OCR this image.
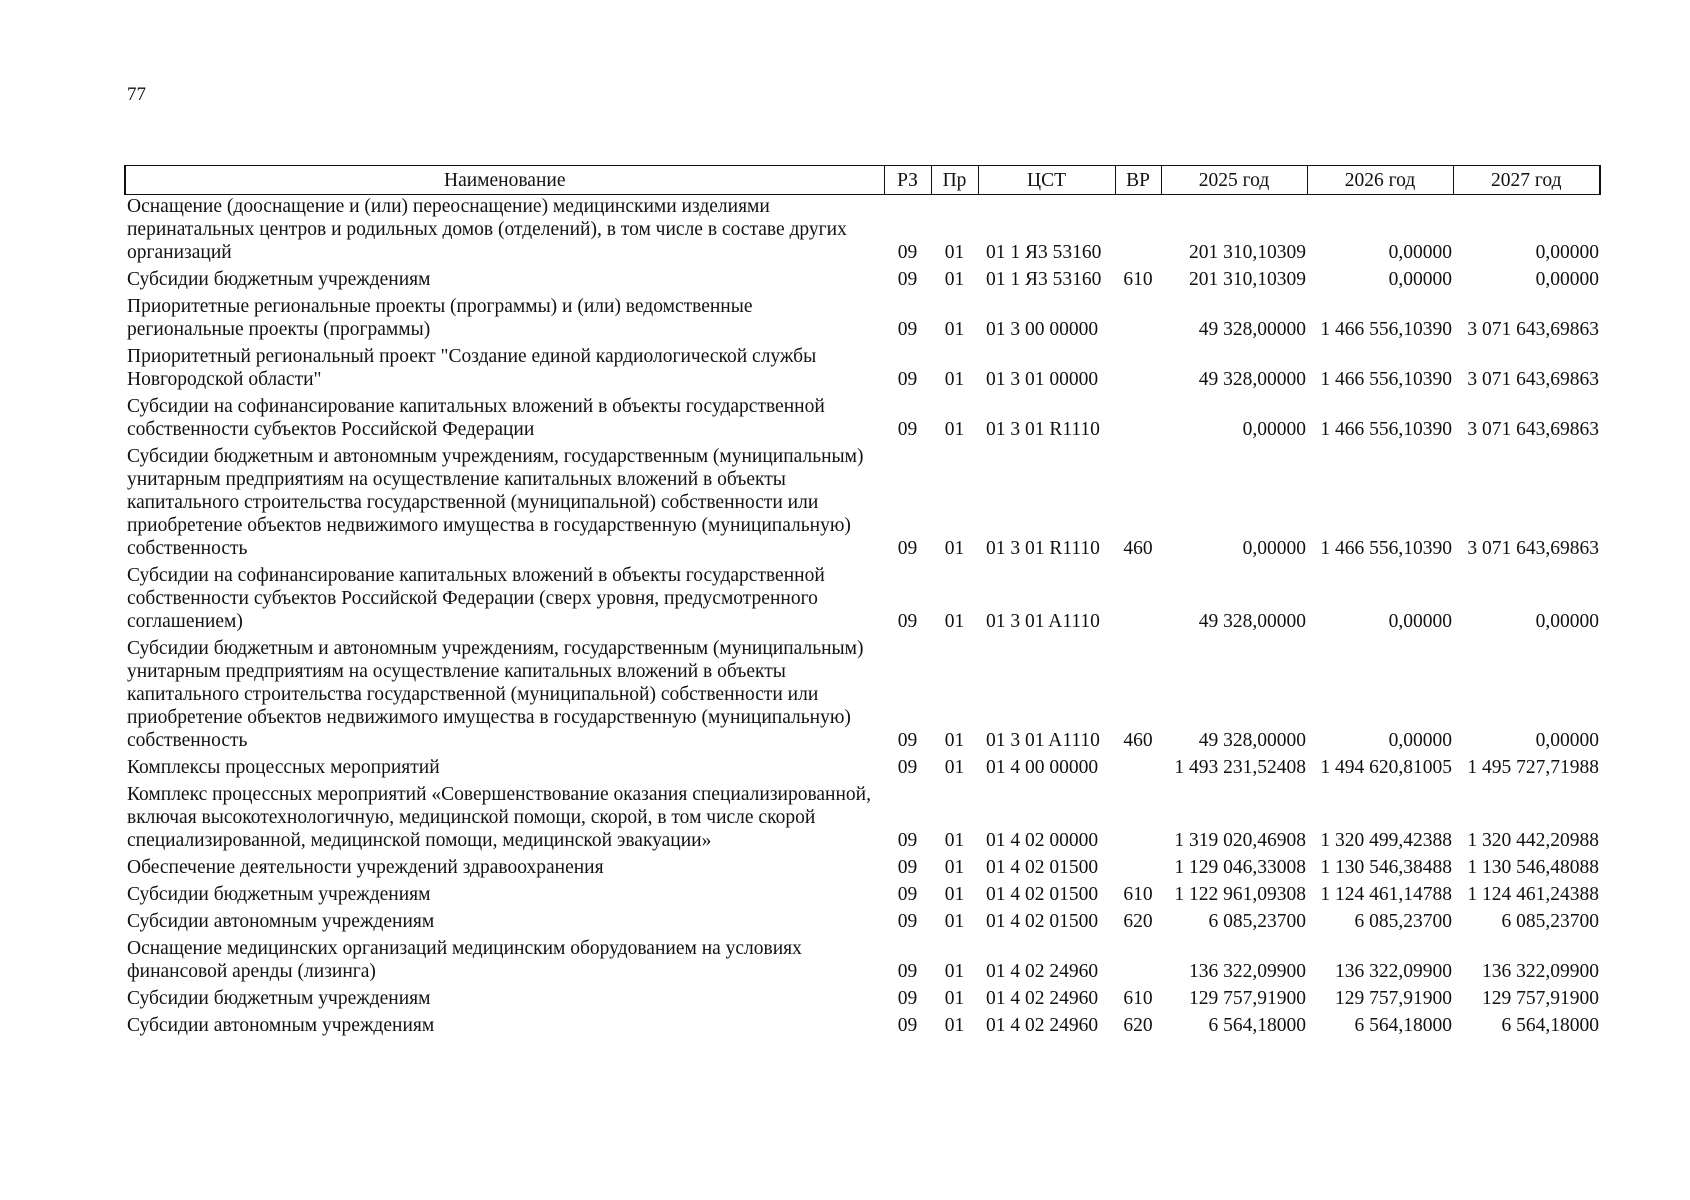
77
Наименование	РЗ	Пр	ЦСТ	ВР	2025 год	2026 год	2027 год
Оснащение (дооснащение и (или) переоснащение) медицинскими изделиями перинатальных центров и родильных домов (отделений), в том числе в составе других организаций	09	01	01 1 Я3 53160		201 310,10309	0,00000	0,00000
Субсидии бюджетным учреждениям	09	01	01 1 Я3 53160	610	201 310,10309	0,00000	0,00000
Приоритетные региональные проекты (программы) и (или) ведомственные региональные проекты (программы)	09	01	01 3 00 00000		49 328,00000	1 466 556,10390	3 071 643,69863
Приоритетный региональный проект "Создание единой кардиологической службы Новгородской области"	09	01	01 3 01 00000		49 328,00000	1 466 556,10390	3 071 643,69863
Субсидии на софинансирование капитальных вложений в объекты государственной собственности субъектов Российской Федерации	09	01	01 3 01 R1110		0,00000	1 466 556,10390	3 071 643,69863
Субсидии бюджетным и автономным учреждениям, государственным (муниципальным) унитарным предприятиям на осуществление капитальных вложений в объекты капитального строительства государственной (муниципальной) собственности или приобретение объектов недвижимого имущества в государственную (муниципальную) собственность	09	01	01 3 01 R1110	460	0,00000	1 466 556,10390	3 071 643,69863
Субсидии на софинансирование капитальных вложений в объекты государственной собственности субъектов Российской Федерации (сверх уровня, предусмотренного соглашением)	09	01	01 3 01 A1110		49 328,00000	0,00000	0,00000
Субсидии бюджетным и автономным учреждениям, государственным (муниципальным) унитарным предприятиям на осуществление капитальных вложений в объекты капитального строительства государственной (муниципальной) собственности или приобретение объектов недвижимого имущества в государственную (муниципальную) собственность	09	01	01 3 01 A1110	460	49 328,00000	0,00000	0,00000
Комплексы процессных мероприятий	09	01	01 4 00 00000		1 493 231,52408	1 494 620,81005	1 495 727,71988
Комплекс процессных мероприятий «Совершенствование оказания специализированной, включая высокотехнологичную, медицинской помощи, скорой, в том числе скорой специализированной, медицинской помощи, медицинской эвакуации»	09	01	01 4 02 00000		1 319 020,46908	1 320 499,42388	1 320 442,20988
Обеспечение деятельности учреждений здравоохранения	09	01	01 4 02 01500		1 129 046,33008	1 130 546,38488	1 130 546,48088
Субсидии бюджетным учреждениям	09	01	01 4 02 01500	610	1 122 961,09308	1 124 461,14788	1 124 461,24388
Субсидии автономным учреждениям	09	01	01 4 02 01500	620	6 085,23700	6 085,23700	6 085,23700
Оснащение медицинских организаций медицинским оборудованием на условиях финансовой аренды (лизинга)	09	01	01 4 02 24960		136 322,09900	136 322,09900	136 322,09900
Субсидии бюджетным учреждениям	09	01	01 4 02 24960	610	129 757,91900	129 757,91900	129 757,91900
Субсидии автономным учреждениям	09	01	01 4 02 24960	620	6 564,18000	6 564,18000	6 564,18000
